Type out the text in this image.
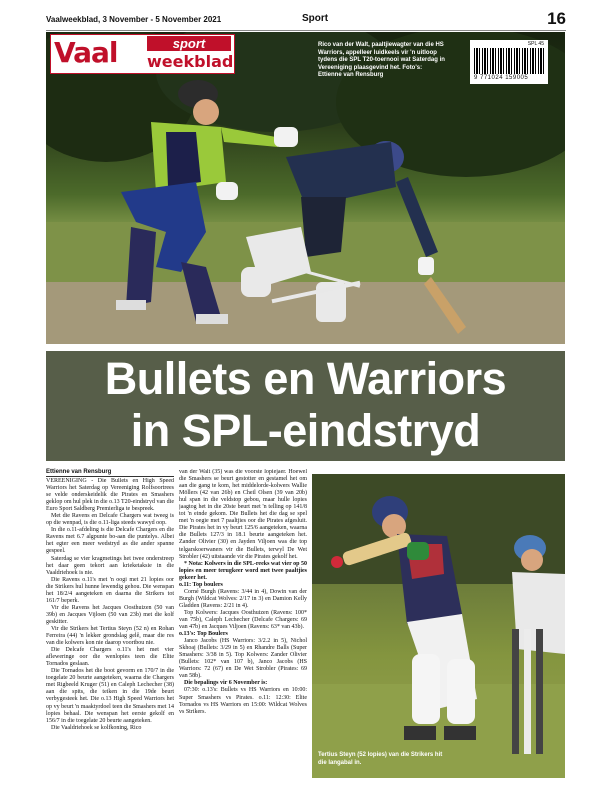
Vaalweekblad, 3 November - 5 November 2021	Sport	16
Vaal	sport
weekblad
Rico van der Walt, paaltjiewagter van die HS Warriors, appelleer luidkeels vir 'n uitloop tydens die SPL T20-toernooi wat Saterdag in Vereeniging plaasgevind het. Foto's: Ettienne van Rensburg
SPL 45
9 771024 159005
Bullets en Warriors
in SPL-eindstryd
Ettienne van Rensburg

VEREENIGING - Die Bullets en High Speed Warriors het Saterdag op Vereeniging Rolfsoortrees se velde onderskeidelik die Pirates en Smashers geklop om hul plek in die o.13 T20-eindstryd van die Euro Sport Saldberg Premierliga te bespreek.

Met die Ravens en Delcafe Chargers wat tweeg is op die wenpad, is die o.11-liga steeds wawyd oop.

In die o.11-afdeling is die Delcafe Chargers en die Ravens met 6.7 algpunte bo-aan die puntelys. Albei het egter een meer wedstryd as die ander spanne gespeel.

Saterdag se vier kragmetings het twee onderstreep het daar geen tekort aan krieketaksie in die Vaaldriehoek is nie.

Die Ravens o.11's met 'n oogi met 21 lopies oor die Strikers hul hunne lewendig gehou. Die wenspan het 18/2/4 aangeteken en daarna die Strikers tot 161/7 beperk.

Vir die Ravens het Jacques Oosthuizen (50 van 39b) en Jacques Vijloen (50 van 23b) met die kolf geskitter.

Vir die Strikers het Tertius Steyn (52 n) en Rohan Ferreira (44) 'n lekker grondslag gelê, maar die res van die kolwers kon nie daarop voortbou nie.

Die Delcafe Chargers o.11's het met vier afleweringe oor die wenlopies teen die Elite Tornados geslaan.

Die Tornados het die boot gevorm en 170/7 in die toegelate 20 beurte aangeteken, waarna die Chargers met Rigbeeld Kruger (51) en Caleph Lechecher (38) aan die spits, die teiken in die 19de beurt verbygesteek het. Die o.13 High Speed Warriors het op vy beurt 'n maaktyrdoel teen die Smashers met 14 lopies behaal. Die wenspan het eerste gekolf en 156/7 in die toegelate 20 beurte aangeteken.

Die Vaaldriehoek se kolfkoning, Rico

van der Walt (35) was die voorste lopiejaer. Hoewel die Smashers se beurt gestotter en gestamel het om aan die gang te kom, het middelorde-kolwers Wallie Möllers (42 van 26b) en Cheil Olsen (39 van 20b) hul span in die veldstop gebou, maar hulle lopies jaagtog het in die 20ste beurt met 'n telling op 141/8 tot 'n einde gekom. Die Bullets het die dag se spel met 'n oegie met 7 paaltjies oor die Pirates afgesluit. Die Pirates het in vy beurt 125/6 aangeteken, waarna die Bullets 127/3 in 18.1 beurte aangeteken het. Zander Olivier (30) en Jayden Viljoen was die top telgarskoerwaners vir die Bullets, terwyl De Wet Strobler (42) uitstaande vir die Pirates gekolf het.

* Nota: Kolwers in die SPL-reeks wat vier op 50 lopies en meer terugkeer word met twee paaltjies gekeer het.

o.11: Top boulers

Corné Burgh (Ravens: 3/44 in 4), Dowin van der Burgh (Wildcat Wolves: 2/17 in 3) en Damion Kelly Gladden (Ravens: 2/21 in 4).

Top Kolwers: Jacques Oosthuizen (Ravens: 100* van 75b), Caleph Lechecher (Delcafe Chargers: 69 van 47b) en Jacques Viljoen (Ravens: 63* van 43b).

o.13's: Top Boulers

Janco Jacobs (HS Warriors: 3/2.2 in 5), Nichol Skhoaj (Bullets: 3/29 in 5) en Rhandre Balls (Super Smashers: 3/38 in 5). Top Kolwers: Zander Olivier (Bullets: 102* van 107 b), Janco Jacobs (HS Warriors: 72 (67) en De Wet Strobler (Pirates: 69 van 58b).

Die bepalings vir 6 November is:

07:30: o.13's: Bullets vs HS Warriors en 10:00: Super Smashers vs Pirates. o.11: 12:30: Elite Tornados vs HS Warriors en 15:00: Wildcat Wolves vs Strikers.

Tertius Steyn (52 lopies) van die Strikers hit die langabal in.
